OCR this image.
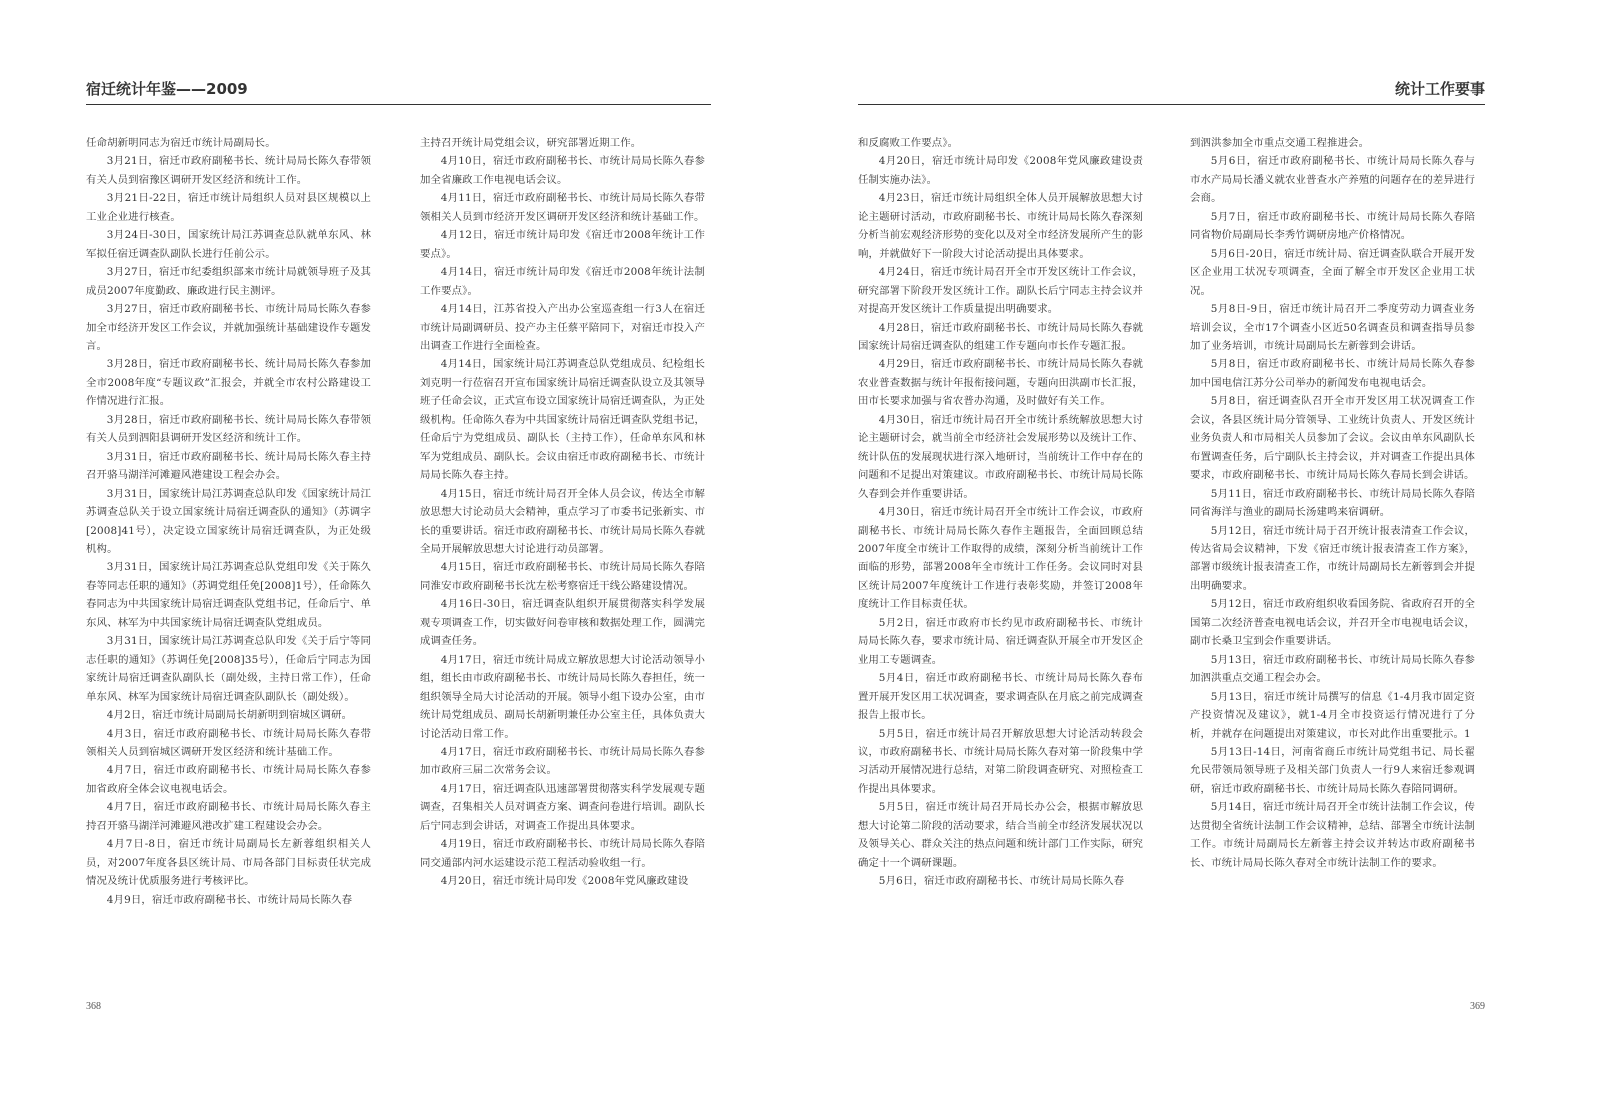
宿迁统计年鉴——2009	统计工作要事

任命胡新明同志为宿迁市统计局副局长。

3月21日，宿迁市政府副秘书长、统计局局长陈久春带领有关人员到宿豫区调研开发区经济和统计工作。

3月21日-22日，宿迁市统计局组织人员对县区规模以上工业企业进行核查。

3月24日-30日，国家统计局江苏调查总队就单东风、林军拟任宿迁调查队副队长进行任前公示。

3月27日，宿迁市纪委组织部来市统计局就领导班子及其成员2007年度勤政、廉政进行民主测评。

3月27日，宿迁市政府副秘书长、市统计局局长陈久春参加全市经济开发区工作会议，并就加强统计基础建设作专题发言。

3月28日，宿迁市政府副秘书长、统计局局长陈久春参加全市2008年度“专题议政”汇报会，并就全市农村公路建设工作情况进行汇报。

3月28日，宿迁市政府副秘书长、统计局局长陈久春带领有关人员到泗阳县调研开发区经济和统计工作。

3月31日，宿迁市政府副秘书长、统计局局长陈久春主持召开骆马湖洋河滩避风港建设工程会办会。

3月31日，国家统计局江苏调查总队印发《国家统计局江苏调查总队关于设立国家统计局宿迁调查队的通知》（苏调字[2008]41号），决定设立国家统计局宿迁调查队，为正处级机构。

3月31日，国家统计局江苏调查总队党组印发《关于陈久春等同志任职的通知》（苏调党组任免[2008]1号），任命陈久春同志为中共国家统计局宿迁调查队党组书记，任命后宁、单东风、林军为中共国家统计局宿迁调查队党组成员。

3月31日，国家统计局江苏调查总队印发《关于后宁等同志任职的通知》（苏调任免[2008]35号），任命后宁同志为国家统计局宿迁调查队副队长（副处级，主持日常工作），任命单东风、林军为国家统计局宿迁调查队副队长（副处级）。

4月2日，宿迁市统计局副局长胡新明到宿城区调研。

4月3日，宿迁市政府副秘书长、市统计局局长陈久春带领相关人员到宿城区调研开发区经济和统计基础工作。

4月7日，宿迁市政府副秘书长、市统计局局长陈久春参加省政府全体会议电视电话会。

4月7日，宿迁市政府副秘书长、市统计局局长陈久春主持召开骆马湖洋河滩避风港改扩建工程建设会办会。

4月7日-8日，宿迁市统计局副局长左新蓉组织相关人员，对2007年度各县区统计局、市局各部门目标责任状完成情况及统计优质服务进行考核评比。

4月9日，宿迁市政府副秘书长、市统计局局长陈久春

主持召开统计局党组会议，研究部署近期工作。

4月10日，宿迁市政府副秘书长、市统计局局长陈久春参加全省廉政工作电视电话会议。

4月11日，宿迁市政府副秘书长、市统计局局长陈久春带领相关人员到市经济开发区调研开发区经济和统计基础工作。

4月12日，宿迁市统计局印发《宿迁市2008年统计工作要点》。

4月14日，宿迁市统计局印发《宿迁市2008年统计法制工作要点》。

4月14日，江苏省投入产出办公室巡查组一行3人在宿迁市统计局副调研员、投产办主任蔡平陪同下，对宿迁市投入产出调查工作进行全面检查。

4月14日，国家统计局江苏调查总队党组成员、纪检组长刘克明一行莅宿召开宣布国家统计局宿迁调查队设立及其领导班子任命会议，正式宣布设立国家统计局宿迁调查队，为正处级机构。任命陈久春为中共国家统计局宿迁调查队党组书记，任命后宁为党组成员、副队长（主持工作），任命单东风和林军为党组成员、副队长。会议由宿迁市政府副秘书长、市统计局局长陈久春主持。

4月15日，宿迁市统计局召开全体人员会议，传达全市解放思想大讨论动员大会精神，重点学习了市委书记张新实、市长的重要讲话。宿迁市政府副秘书长、市统计局局长陈久春就全局开展解放思想大讨论进行动员部署。

4月15日，宿迁市政府副秘书长、市统计局局长陈久春陪同淮安市政府副秘书长沈左松考察宿迁干线公路建设情况。

4月16日-30日，宿迁调查队组织开展贯彻落实科学发展观专项调查工作，切实做好问卷审核和数据处理工作，圆满完成调查任务。

4月17日，宿迁市统计局成立解放思想大讨论活动领导小组，组长由市政府副秘书长、市统计局局长陈久春担任，统一组织领导全局大讨论活动的开展。领导小组下设办公室，由市统计局党组成员、副局长胡新明兼任办公室主任，具体负责大讨论活动日常工作。

4月17日，宿迁市政府副秘书长、市统计局局长陈久春参加市政府三届二次常务会议。

4月17日，宿迁调查队迅速部署贯彻落实科学发展观专题调查，召集相关人员对调查方案、调查问卷进行培训。副队长后宁同志到会讲话，对调查工作提出具体要求。

4月19日，宿迁市政府副秘书长、市统计局局长陈久春陪同交通部内河水运建设示范工程活动验收组一行。

4月20日，宿迁市统计局印发《2008年党风廉政建设

和反腐败工作要点》。

4月20日，宿迁市统计局印发《2008年党风廉政建设责任制实施办法》。

4月23日，宿迁市统计局组织全体人员开展解放思想大讨论主题研讨活动，市政府副秘书长、市统计局局长陈久春深刻分析当前宏观经济形势的变化以及对全市经济发展所产生的影响，并就做好下一阶段大讨论活动提出具体要求。

4月24日，宿迁市统计局召开全市开发区统计工作会议，研究部署下阶段开发区统计工作。副队长后宁同志主持会议并对提高开发区统计工作质量提出明确要求。

4月28日，宿迁市政府副秘书长、市统计局局长陈久春就国家统计局宿迁调查队的组建工作专题向市长作专题汇报。

4月29日，宿迁市政府副秘书长、市统计局局长陈久春就农业普查数据与统计年报衔接问题，专题向田洪副市长汇报，田市长要求加强与省农普办沟通，及时做好有关工作。

4月30日，宿迁市统计局召开全市统计系统解放思想大讨论主题研讨会，就当前全市经济社会发展形势以及统计工作、统计队伍的发展现状进行深入地研讨，当前统计工作中存在的问题和不足提出对策建议。市政府副秘书长、市统计局局长陈久春到会并作重要讲话。

4月30日，宿迁市统计局召开全市统计工作会议，市政府副秘书长、市统计局局长陈久春作主题报告，全面回顾总结2007年度全市统计工作取得的成绩，深刻分析当前统计工作面临的形势，部署2008年全市统计工作任务。会议同时对县区统计局2007年度统计工作进行表彰奖励，并签订2008年度统计工作目标责任状。

5月2日，宿迁市政府市长约见市政府副秘书长、市统计局局长陈久春，要求市统计局、宿迁调查队开展全市开发区企业用工专题调查。

5月4日，宿迁市政府副秘书长、市统计局局长陈久春布置开展开发区用工状况调查，要求调查队在月底之前完成调查报告上报市长。

5月5日，宿迁市统计局召开解放思想大讨论活动转段会议，市政府副秘书长、市统计局局长陈久春对第一阶段集中学习活动开展情况进行总结，对第二阶段调查研究、对照检查工作提出具体要求。

5月5日，宿迁市统计局召开局长办公会，根据市解放思想大讨论第二阶段的活动要求，结合当前全市经济发展状况以及领导关心、群众关注的热点问题和统计部门工作实际，研究确定十一个调研课题。

5月6日，宿迁市政府副秘书长、市统计局局长陈久春

到泗洪参加全市重点交通工程推进会。

5月6日，宿迁市政府副秘书长、市统计局局长陈久春与市水产局局长潘义就农业普查水产养殖的问题存在的差异进行会商。

5月7日，宿迁市政府副秘书长、市统计局局长陈久春陪同省物价局副局长李秀竹调研房地产价格情况。

5月6日-20日，宿迁市统计局、宿迁调查队联合开展开发区企业用工状况专项调查，全面了解全市开发区企业用工状况。

5月8日-9日，宿迁市统计局召开二季度劳动力调查业务培训会议，全市17个调查小区近50名调查员和调查指导员参加了业务培训，市统计局副局长左新蓉到会讲话。

5月8日，宿迁市政府副秘书长、市统计局局长陈久春参加中国电信江苏分公司举办的新闻发布电视电话会。

5月8日，宿迁调查队召开全市开发区用工状况调查工作会议，各县区统计局分管领导、工业统计负责人、开发区统计业务负责人和市局相关人员参加了会议。会议由单东风副队长布置调查任务，后宁副队长主持会议，并对调查工作提出具体要求，市政府副秘书长、市统计局局长陈久春局长到会讲话。

5月11日，宿迁市政府副秘书长、市统计局局长陈久春陪同省海洋与渔业的副局长汤建鸣来宿调研。

5月12日，宿迁市统计局于召开统计报表清查工作会议，传达省局会议精神，下发《宿迁市统计报表清查工作方案》，部署市级统计报表清查工作，市统计局副局长左新蓉到会并提出明确要求。

5月12日，宿迁市政府组织收看国务院、省政府召开的全国第二次经济普查电视电话会议，并召开全市电视电话会议，副市长桑卫宝到会作重要讲话。

5月13日，宿迁市政府副秘书长、市统计局局长陈久春参加泗洪重点交通工程会办会。

5月13日，宿迁市统计局撰写的信息《1-4月我市固定资产投资情况及建议》，就1-4月全市投资运行情况进行了分析，并就存在问题提出对策建议，市长对此作出重要批示。1

5月13日-14日，河南省商丘市统计局党组书记、局长翟允民带领局领导班子及相关部门负责人一行9人来宿迁参观调研，宿迁市政府副秘书长、市统计局局长陈久春陪同调研。

5月14日，宿迁市统计局召开全市统计法制工作会议，传达贯彻全省统计法制工作会议精神，总结、部署全市统计法制工作。市统计局副局长左新蓉主持会议并转达市政府副秘书长、市统计局局长陈久春对全市统计法制工作的要求。

368	369
